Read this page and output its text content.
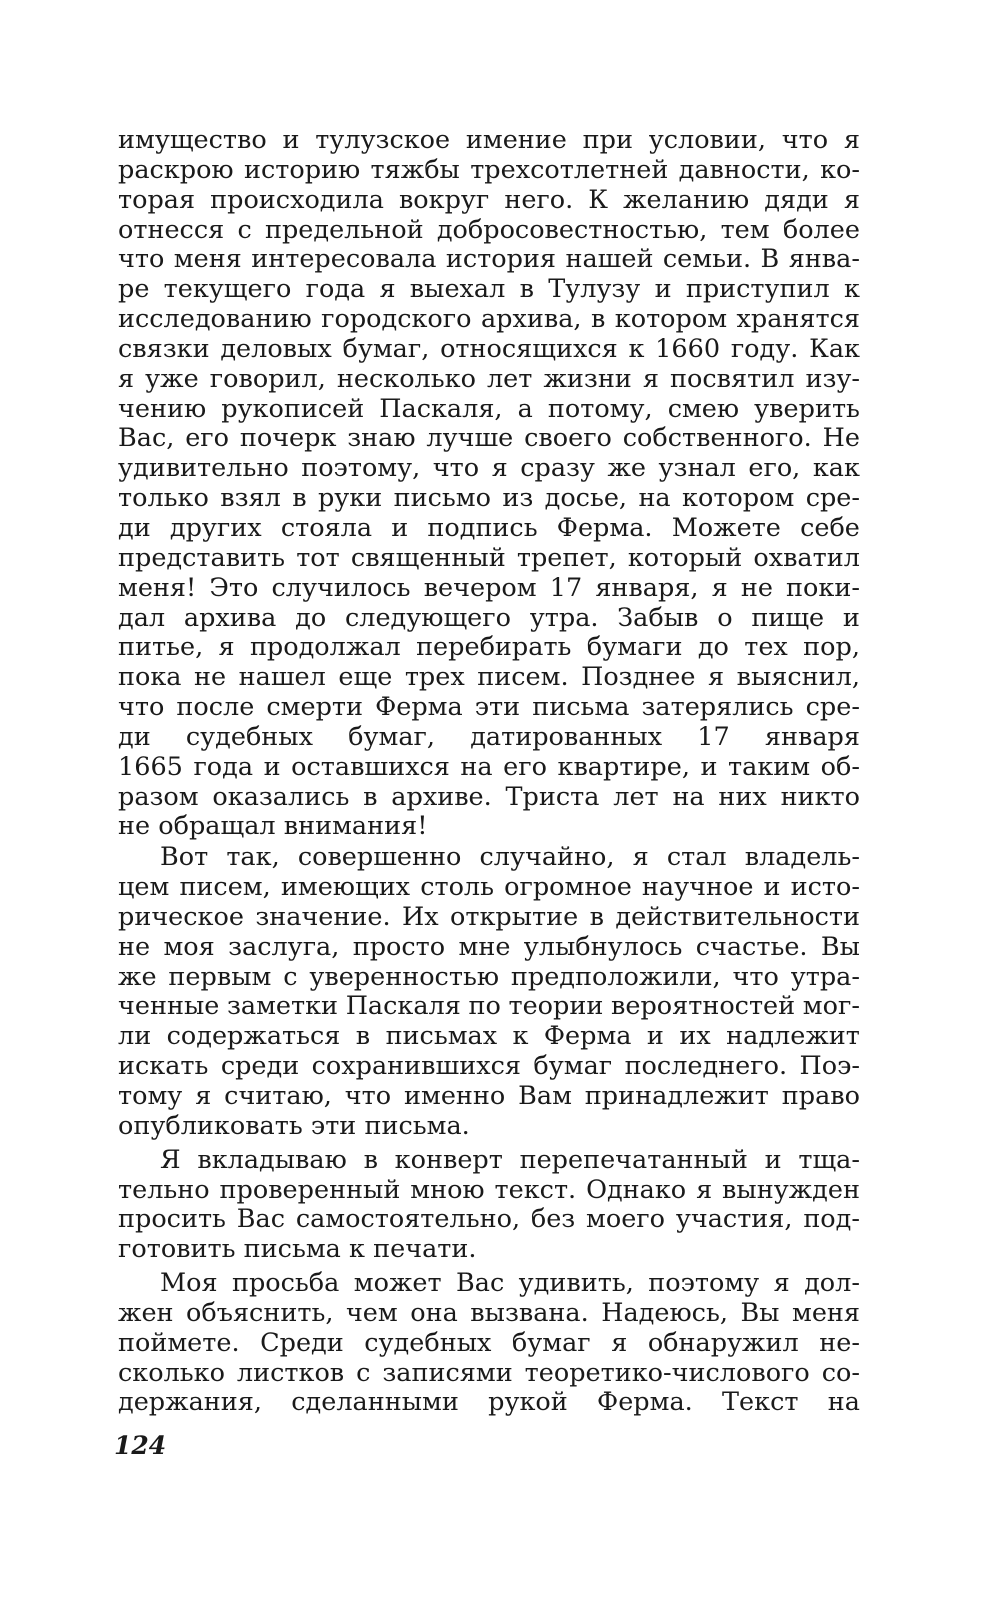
имущество и тулузское имение при условии, что я
раскрою историю тяжбы трехсотлетней давности, ко-
торая происходила вокруг него. К желанию дяди я
отнесся с предельной добросовестностью, тем более
что меня интересовала история нашей семьи. В янва-
ре текущего года я выехал в Тулузу и приступил к
исследованию городского архива, в котором хранятся
связки деловых бумаг, относящихся к 1660 году. Как
я уже говорил, несколько лет жизни я посвятил изу-
чению рукописей Паскаля, а потому, смею уверить
Вас, его почерк знаю лучше своего собственного. Не
удивительно поэтому, что я сразу же узнал его, как
только взял в руки письмо из досье, на котором сре-
ди других стояла и подпись Ферма. Можете себе
представить тот священный трепет, который охватил
меня! Это случилось вечером 17 января, я не поки-
дал архива до следующего утра. Забыв о пище и
питье, я продолжал перебирать бумаги до тех пор,
пока не нашел еще трех писем. Позднее я выяснил,
что после смерти Ферма эти письма затерялись сре-
ди судебных бумаг, датированных 17 января
1665 года и оставшихся на его квартире, и таким об-
разом оказались в архиве. Триста лет на них никто
не обращал внимания!
Вот так, совершенно случайно, я стал владель-
цем писем, имеющих столь огромное научное и исто-
рическое значение. Их открытие в действительности
не моя заслуга, просто мне улыбнулось счастье. Вы
же первым с уверенностью предположили, что утра-
ченные заметки Паскаля по теории вероятностей мог-
ли содержаться в письмах к Ферма и их надлежит
искать среди сохранившихся бумаг последнего. Поэ-
тому я считаю, что именно Вам принадлежит право
опубликовать эти письма.
Я вкладываю в конверт перепечатанный и тща-
тельно проверенный мною текст. Однако я вынужден
просить Вас самостоятельно, без моего участия, под-
готовить письма к печати.
Моя просьба может Вас удивить, поэтому я дол-
жен объяснить, чем она вызвана. Надеюсь, Вы меня
поймете. Среди судебных бумаг я обнаружил не-
сколько листков с записями теоретико-числового со-
держания, сделанными рукой Ферма. Текст на
124
